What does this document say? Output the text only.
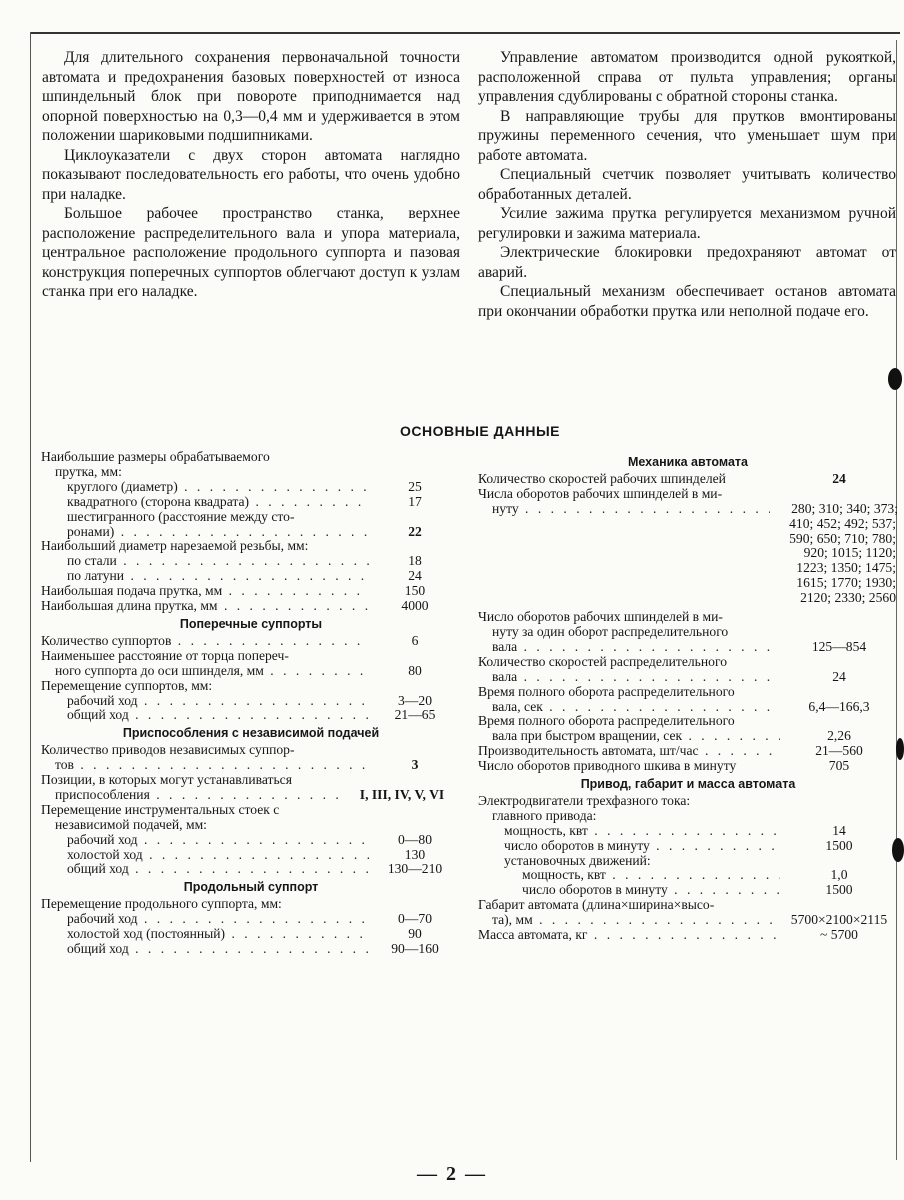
Для длительного сохранения первоначальной точности автомата и предохранения базовых поверхностей от износа шпиндельный блок при повороте приподнимается над опорной поверхностью на 0,3—0,4 мм и удерживается в этом положении шариковыми подшипниками.

Циклоуказатели с двух сторон автомата наглядно показывают последовательность его работы, что очень удобно при наладке.

Большое рабочее пространство станка, верхнее расположение распределительного вала и упора материала, центральное расположение продольного суппорта и пазовая конструкция поперечных суппортов облегчают доступ к узлам станка при его наладке.

Управление автоматом производится одной рукояткой, расположенной справа от пульта управления; органы управления сдублированы с обратной стороны станка.

В направляющие трубы для прутков вмонтированы пружины переменного сечения, что уменьшает шум при работе автомата.

Специальный счетчик позволяет учитывать количество обработанных деталей.

Усилие зажима прутка регулируется механизмом ручной регулировки и зажима материала.

Электрические блокировки предохраняют автомат от аварий.

Специальный механизм обеспечивает останов автомата при окончании обработки прутка или неполной подаче его.

ОСНОВНЫЕ ДАННЫЕ
Наибольшие размеры обрабатываемого
прутка, мм:
круглого (диаметр) . . .	25
квадратного (сторона квадрата) . . .	17
шестигранного (расстояние между сто-
ронами) . . .	22
Наибольший диаметр нарезаемой резьбы, мм:
по стали . . .	18
по латуни . . .	24
Наибольшая подача прутка, мм . . .	150
Наибольшая длина прутка, мм . . .	4000
Поперечные суппорты
Количество суппортов . . .	6
Наименьшее расстояние от торца попереч-
ного суппорта до оси шпинделя, мм . . .	80
Перемещение суппортов, мм:
рабочий ход . . .	3—20
общий ход . . .	21—65
Приспособления с независимой подачей
Количество приводов независимых суппор-
тов . . .	3
Позиции, в которых могут устанавливаться
приспособления . . .	I, III, IV, V, VI
Перемещение инструментальных стоек с
независимой подачей, мм:
рабочий ход . . .	0—80
холостой ход . . .	130
общий ход . . .	130—210
Продольный суппорт
Перемещение продольного суппорта, мм:
рабочий ход . . .	0—70
холостой ход (постоянный) . . .	90
общий ход . . .	90—160
Механика автомата
Количество скоростей рабочих шпинделей	24
Числа оборотов рабочих шпинделей в ми-
нуту . . .	280; 310; 340; 373;
410; 452; 492; 537;
590; 650; 710; 780;
920; 1015; 1120;
1223; 1350; 1475;
1615; 1770; 1930;
2120; 2330; 2560
Число оборотов рабочих шпинделей в ми-
нуту за один оборот распределительного
вала . . .	125—854
Количество скоростей распределительного
вала . . .	24
Время полного оборота распределительного
вала, сек . . .	6,4—166,3
Время полного оборота распределительного
вала при быстром вращении, сек . . .	2,26
Производительность автомата, шт/час . . .	21—560
Число оборотов приводного шкива в минуту	705
Привод, габарит и масса автомата
Электродвигатели трехфазного тока:
главного привода:
мощность, квт . . .	14
число оборотов в минуту . . .	1500
установочных движений:
мощность, квт . . .	1,0
число оборотов в минуту . . .	1500
Габарит автомата (длина×ширина×высо-
та), мм . . .	5700×2100×2115
Масса автомата, кг . . .	~ 5700
— 2 —
